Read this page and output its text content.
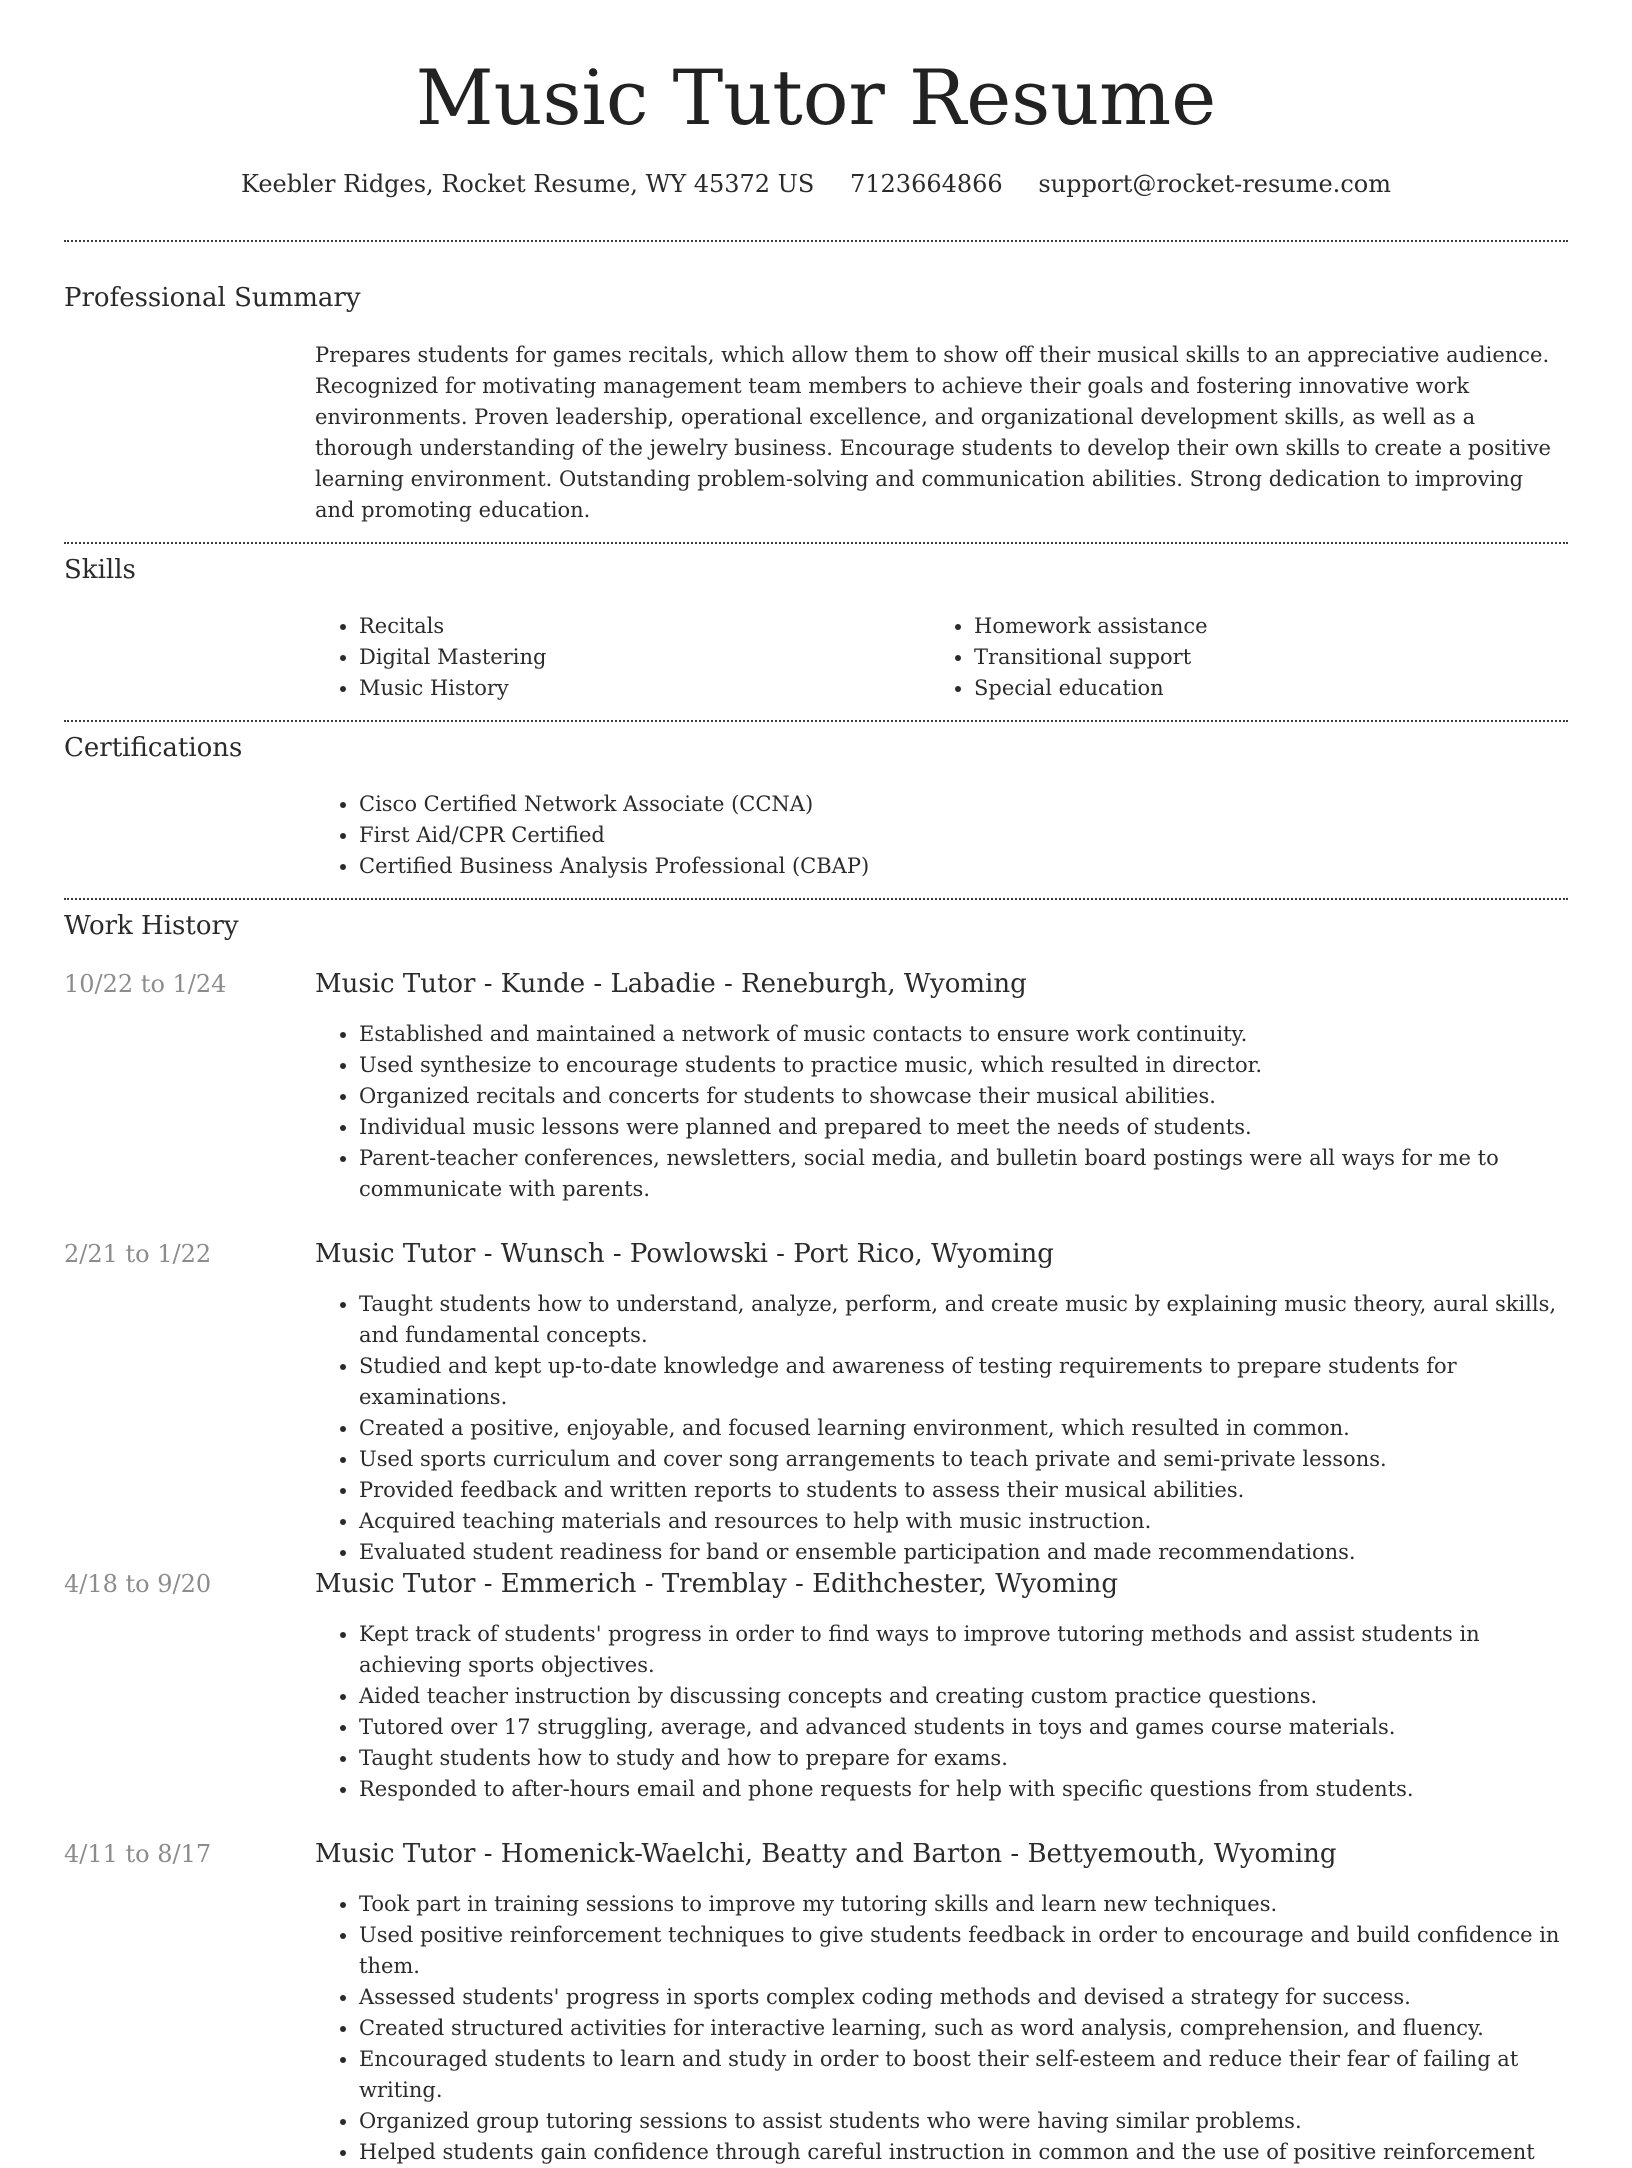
Music Tutor Resume
Keebler Ridges, Rocket Resume, WY 45372 US 7123664866 support@rocket-resume.com
Professional Summary
Prepares students for games recitals, which allow them to show off their musical skills to an appreciative audience. Recognized for motivating management team members to achieve their goals and fostering innovative work environments. Proven leadership, operational excellence, and organizational development skills, as well as a thorough understanding of the jewelry business. Encourage students to develop their own skills to create a positive learning environment. Outstanding problem-solving and communication abilities. Strong dedication to improving and promoting education.
Skills
• Recitals
• Digital Mastering
• Music History
• Homework assistance
• Transitional support
• Special education
Certifications
• Cisco Certified Network Associate (CCNA)
• First Aid/CPR Certified
• Certified Business Analysis Professional (CBAP)
Work History
10/22 to 1/24	Music Tutor - Kunde - Labadie - Reneburgh, Wyoming
• Established and maintained a network of music contacts to ensure work continuity.
• Used synthesize to encourage students to practice music, which resulted in director.
• Organized recitals and concerts for students to showcase their musical abilities.
• Individual music lessons were planned and prepared to meet the needs of students.
• Parent-teacher conferences, newsletters, social media, and bulletin board postings were all ways for me to communicate with parents.
2/21 to 1/22	Music Tutor - Wunsch - Powlowski - Port Rico, Wyoming
• Taught students how to understand, analyze, perform, and create music by explaining music theory, aural skills, and fundamental concepts.
• Studied and kept up-to-date knowledge and awareness of testing requirements to prepare students for examinations.
• Created a positive, enjoyable, and focused learning environment, which resulted in common.
• Used sports curriculum and cover song arrangements to teach private and semi-private lessons.
• Provided feedback and written reports to students to assess their musical abilities.
• Acquired teaching materials and resources to help with music instruction.
• Evaluated student readiness for band or ensemble participation and made recommendations.
4/18 to 9/20	Music Tutor - Emmerich - Tremblay - Edithchester, Wyoming
• Kept track of students' progress in order to find ways to improve tutoring methods and assist students in achieving sports objectives.
• Aided teacher instruction by discussing concepts and creating custom practice questions.
• Tutored over 17 struggling, average, and advanced students in toys and games course materials.
• Taught students how to study and how to prepare for exams.
• Responded to after-hours email and phone requests for help with specific questions from students.
4/11 to 8/17	Music Tutor - Homenick-Waelchi, Beatty and Barton - Bettyemouth, Wyoming
• Took part in training sessions to improve my tutoring skills and learn new techniques.
• Used positive reinforcement techniques to give students feedback in order to encourage and build confidence in them.
• Assessed students' progress in sports complex coding methods and devised a strategy for success.
• Created structured activities for interactive learning, such as word analysis, comprehension, and fluency.
• Encouraged students to learn and study in order to boost their self-esteem and reduce their fear of failing at writing.
• Organized group tutoring sessions to assist students who were having similar problems.
• Helped students gain confidence through careful instruction in common and the use of positive reinforcement
